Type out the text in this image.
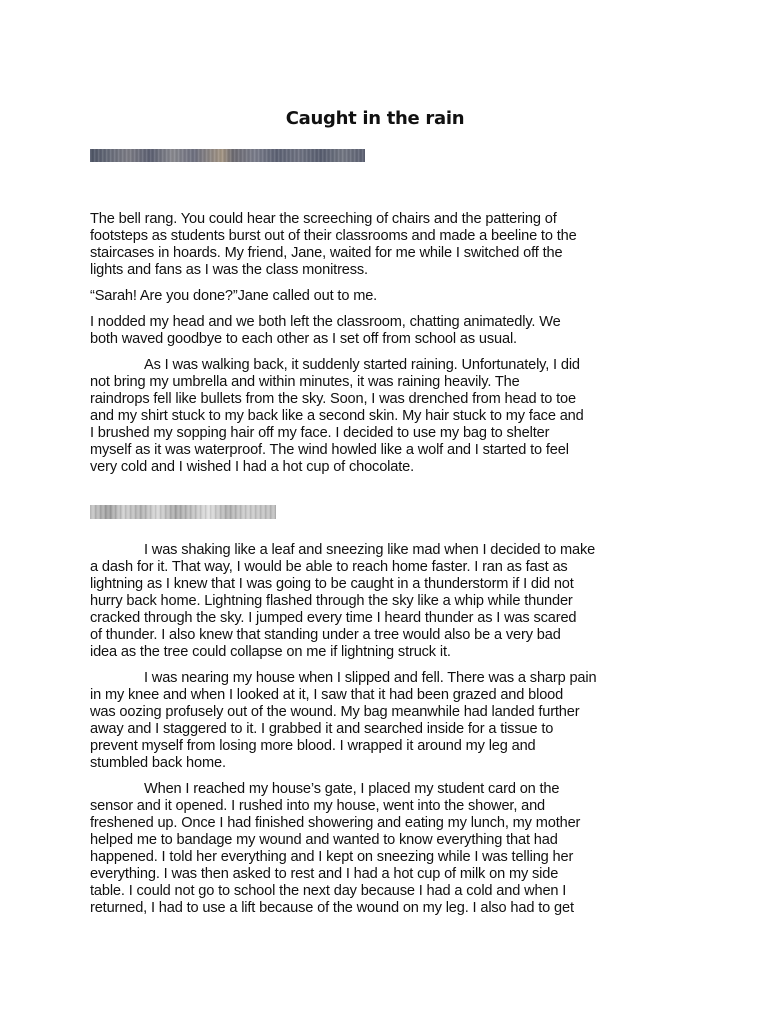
Caught in the rain

The bell rang. You could hear the screeching of chairs and the pattering of
footsteps as students burst out of their classrooms and made a beeline to the
staircases in hoards. My friend, Jane, waited for me while I switched off the
lights and fans as I was the class monitress.

“Sarah! Are you done?”Jane called out to me.

I nodded my head and we both left the classroom, chatting animatedly. We
both waved goodbye to each other as I set off from school as usual.

As I was walking back, it suddenly started raining. Unfortunately, I did
not bring my umbrella and within minutes, it was raining heavily. The
raindrops fell like bullets from the sky. Soon, I was drenched from head to toe
and my shirt stuck to my back like a second skin. My hair stuck to my face and
I brushed my sopping hair off my face. I decided to use my bag to shelter
myself as it was waterproof. The wind howled like a wolf and I started to feel
very cold and I wished I had a hot cup of chocolate.

I was shaking like a leaf and sneezing like mad when I decided to make
a dash for it. That way, I would be able to reach home faster. I ran as fast as
lightning as I knew that I was going to be caught in a thunderstorm if I did not
hurry back home. Lightning flashed through the sky like a whip while thunder
cracked through the sky. I jumped every time I heard thunder as I was scared
of thunder. I also knew that standing under a tree would also be a very bad
idea as the tree could collapse on me if lightning struck it.

I was nearing my house when I slipped and fell. There was a sharp pain
in my knee and when I looked at it, I saw that it had been grazed and blood
was oozing profusely out of the wound. My bag meanwhile had landed further
away and I staggered to it. I grabbed it and searched inside for a tissue to
prevent myself from losing more blood. I wrapped it around my leg and
stumbled back home.

When I reached my house’s gate, I placed my student card on the
sensor and it opened. I rushed into my house, went into the shower, and
freshened up. Once I had finished showering and eating my lunch, my mother
helped me to bandage my wound and wanted to know everything that had
happened. I told her everything and I kept on sneezing while I was telling her
everything. I was then asked to rest and I had a hot cup of milk on my side
table. I could not go to school the next day because I had a cold and when I
returned, I had to use a lift because of the wound on my leg. I also had to get
